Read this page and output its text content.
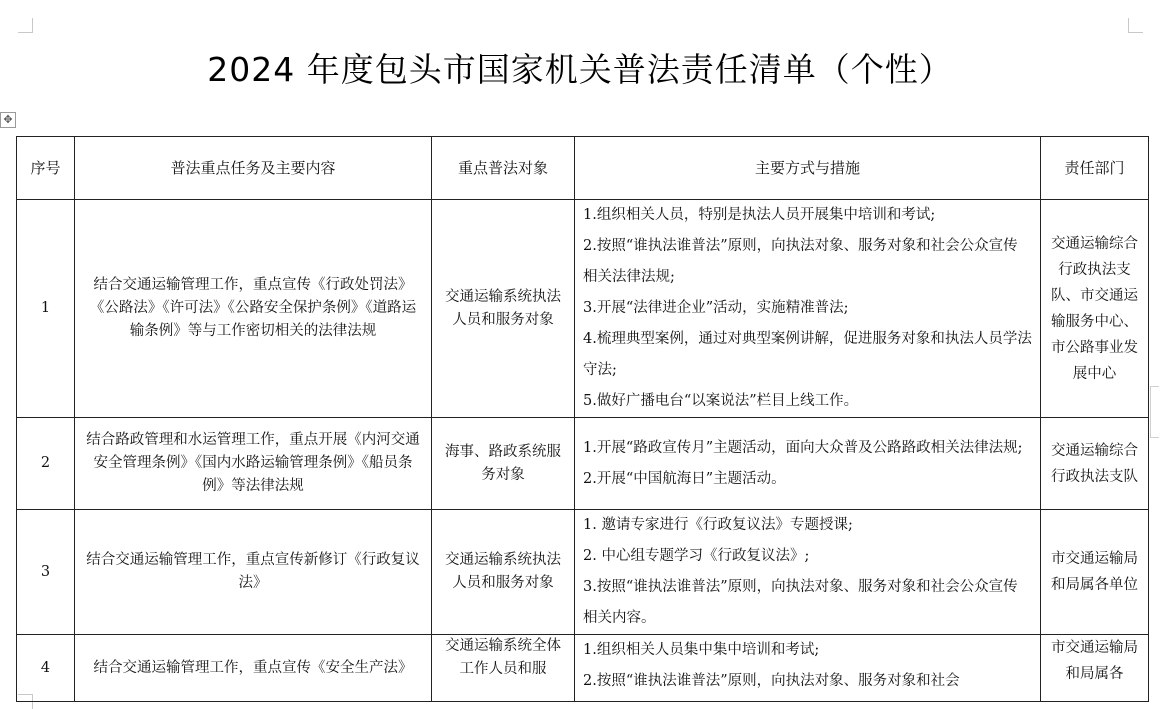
✥
2024 年度包头市国家机关普法责任清单（个性）
序号	普法重点任务及主要内容	重点普法对象	主要方式与措施	责任部门
1	结合交通运输管理工作，重点宣传《行政处罚法》《公路法》《许可法》《公路安全保护条例》《道路运输条例》等与工作密切相关的法律法规	交通运输系统执法人员和服务对象	1.组织相关人员，特别是执法人员开展集中培训和考试;
2.按照“谁执法谁普法”原则，向执法对象、服务对象和社会公众宣传相关法律法规;
3.开展“法律进企业”活动，实施精准普法;
4.梳理典型案例，通过对典型案例讲解，促进服务对象和执法人员学法守法;
5.做好广播电台“以案说法”栏目上线工作。	交通运输综合行政执法支队、市交通运输服务中心、市公路事业发展中心
2	结合路政管理和水运管理工作，重点开展《内河交通安全管理条例》《国内水路运输管理条例》《船员条例》等法律法规	海事、路政系统服务对象	1.开展“路政宣传月”主题活动，面向大众普及公路路政相关法律法规;
2.开展“中国航海日”主题活动。	交通运输综合行政执法支队
3	结合交通运输管理工作，重点宣传新修订《行政复议法》	交通运输系统执法人员和服务对象	1. 邀请专家进行《行政复议法》专题授课;
2. 中心组专题学习《行政复议法》;
3.按照“谁执法谁普法”原则，向执法对象、服务对象和社会公众宣传相关内容。	市交通运输局和局属各单位
4	结合交通运输管理工作，重点宣传《安全生产法》	交通运输系统全体工作人员和服	1.组织相关人员集中集中培训和考试;
2.按照“谁执法谁普法”原则，向执法对象、服务对象和社会	市交通运输局和局属各
